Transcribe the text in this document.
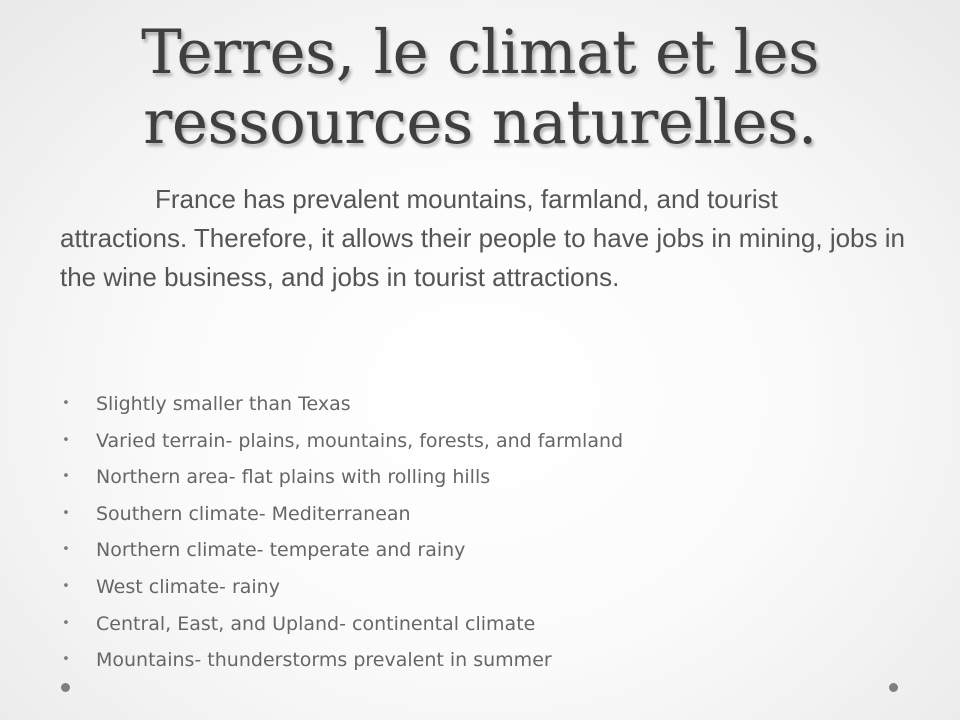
Terres, le climat et les ressources naturelles.

France has prevalent mountains, farmland, and tourist attractions. Therefore, it allows their people to have jobs in mining, jobs in the wine business, and jobs in tourist attractions.

• Slightly smaller than Texas
• Varied terrain- plains, mountains, forests, and farmland
• Northern area- flat plains with rolling hills
• Southern climate- Mediterranean
• Northern climate- temperate and rainy
• West climate- rainy
• Central, East, and Upland- continental climate
• Mountains- thunderstorms prevalent in summer
